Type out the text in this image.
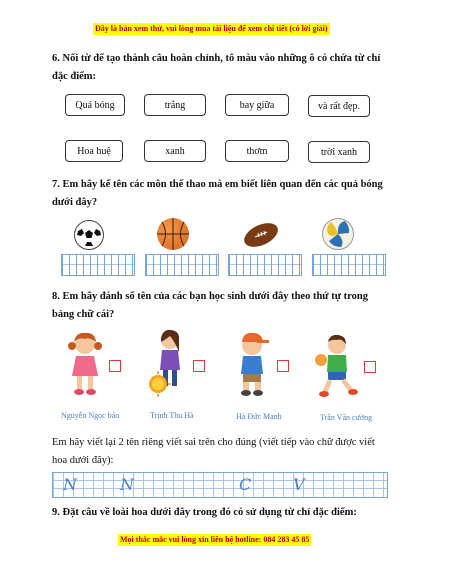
Đây là bản xem thử, vui lòng mua tài liệu để xem chi tiết (có lời giải)
6. Nối từ để tạo thành câu hoàn chỉnh, tô màu vào những ô có chứa từ chỉ đặc điểm:
Quả bóng	trắng	bay giữa	và rất đẹp.
Hoa huệ	xanh	thơm	trời xanh
7. Em hãy kể tên các môn thể thao mà em biết liên quan đến các quả bóng dưới đây?
8. Em hãy đánh số tên của các bạn học sinh dưới đây theo thứ tự trong bảng chữ cái?
Nguyễn Ngọc bảo	Trịnh Thu Hà	Hà Đức Mạnh	Trần Văn cường
Em hãy viết lại 2 tên riêng viết sai trên cho đúng (viết tiếp vào chữ được viết hoa dưới đây):
N	N	C	V
9. Đặt câu về loài hoa dưới đây trong đó có sử dụng từ chỉ đặc điểm:
Mọi thắc mắc vui lòng xin liên hệ hotline: 084 283 45 85
